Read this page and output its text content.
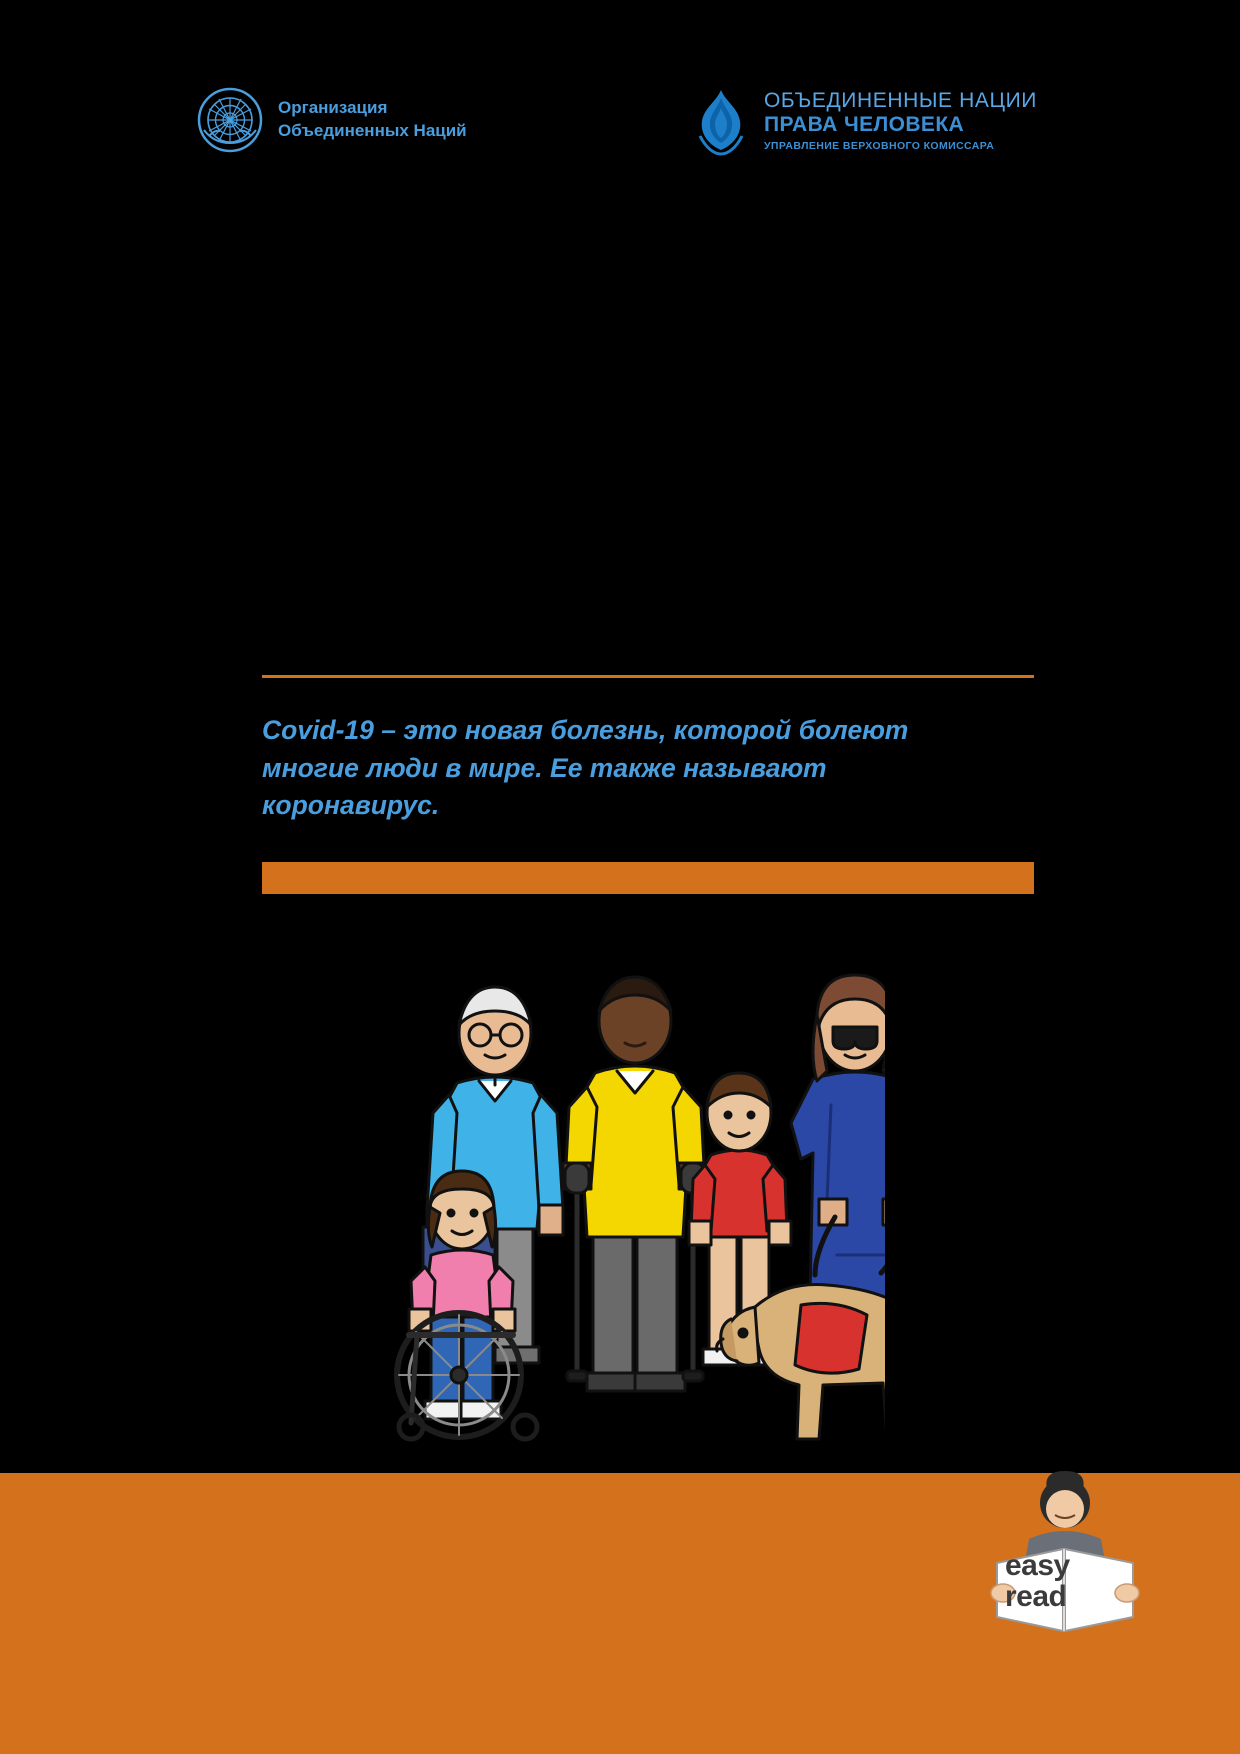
Организация
Объединенных Наций
ОБЪЕДИНЕННЫЕ НАЦИИ
ПРАВА ЧЕЛОВЕКА
УПРАВЛЕНИЕ ВЕРХОВНОГО КОМИССАРА
Covid-19 – это новая болезнь, которой болеют многие люди в мире. Ее также называют коронавирус.
easy
read
